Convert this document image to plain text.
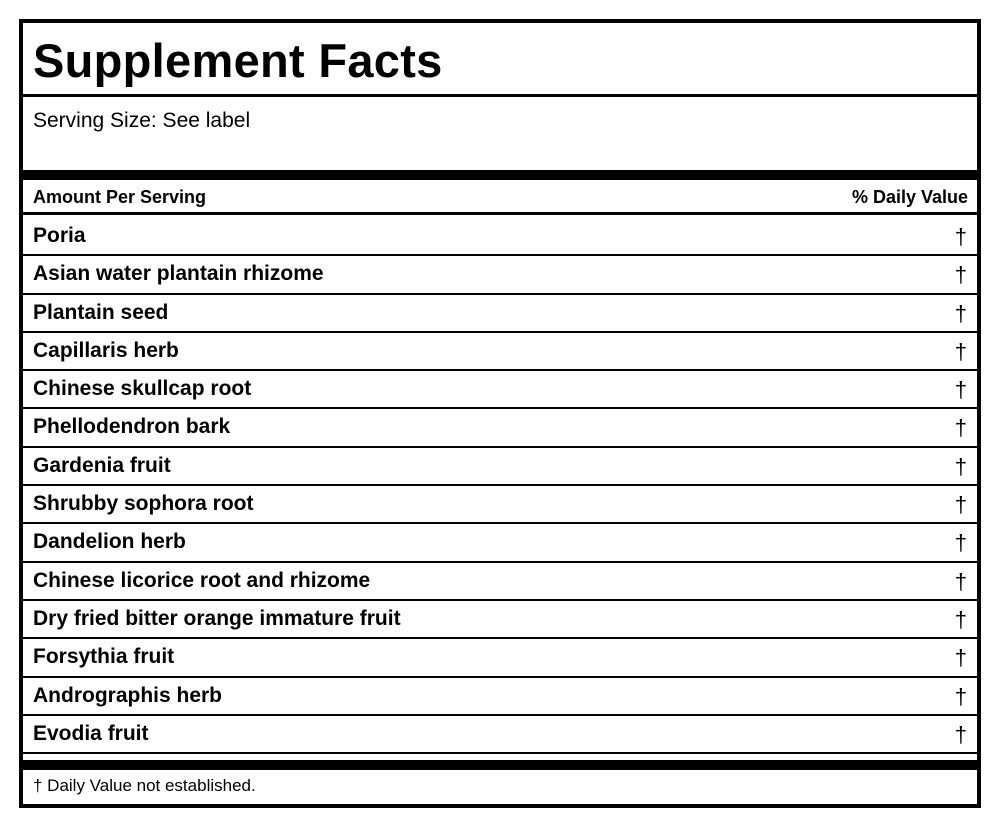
Supplement Facts
Serving Size: See label
Amount Per Serving	% Daily Value
Poria	†
Asian water plantain rhizome	†
Plantain seed	†
Capillaris herb	†
Chinese skullcap root	†
Phellodendron bark	†
Gardenia fruit	†
Shrubby sophora root	†
Dandelion herb	†
Chinese licorice root and rhizome	†
Dry fried bitter orange immature fruit	†
Forsythia fruit	†
Andrographis herb	†
Evodia fruit	†
† Daily Value not established.
